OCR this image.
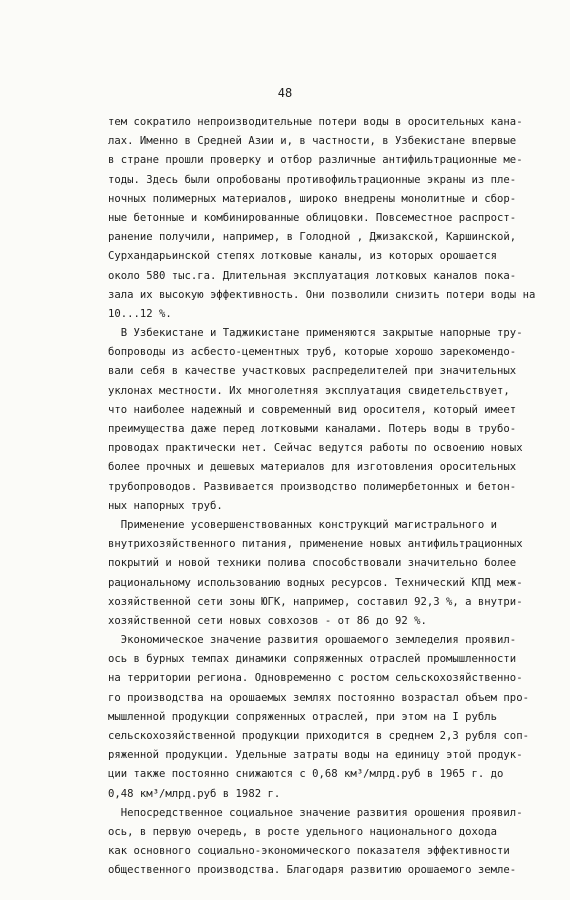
48
тем сократило непроизводительные потери воды в оросительных кана-
лах. Именно в Средней Азии и, в частности, в Узбекистане впервые
в стране прошли проверку и отбор различные антифильтрационные ме-
тоды. Здесь были опробованы противофильтрационные экраны из пле-
ночных полимерных материалов, широко внедрены монолитные и сбор-
ные бетонные и комбинированные облицовки. Повсеместное распрост-
ранение получили, например, в Голодной , Джизакской, Каршинской,
Сурхандарьинской степях лотковые каналы, из которых орошается
около 580 тыс.га. Длительная эксплуатация лотковых каналов пока-
зала их высокую эффективность. Они позволили снизить потери воды на
10...12 %.
В Узбекистане и Таджикистане применяются закрытые напорные тру-
бопроводы из асбесто-цементных труб, которые хорошо зарекомендо-
вали себя в качестве участковых распределителей при значительных
уклонах местности. Их многолетняя эксплуатация свидетельствует,
что наиболее надежный и современный вид оросителя, который имеет
преимущества даже перед лотковыми каналами. Потерь воды в трубо-
проводах практически нет. Сейчас ведутся работы по освоению новых
более прочных и дешевых материалов для изготовления оросительных
трубопроводов. Развивается производство полимербетонных и бетон-
ных напорных труб.
Применение усовершенствованных конструкций магистрального и
внутрихозяйственного питания, применение новых антифильтрационных
покрытий и новой техники полива способствовали значительно более
рациональному использованию водных ресурсов. Технический КПД меж-
хозяйственной сети зоны ЮГК, например, составил 92,3 %, а внутри-
хозяйственной сети новых совхозов - от 86 до 92 %.
Экономическое значение развития орошаемого земледелия проявил-
ось в бурных темпах динамики сопряженных отраслей промышленности
на территории региона. Одновременно с ростом сельскохозяйственно-
го производства на орошаемых землях постоянно возрастал объем про-
мышленной продукции сопряженных отраслей, при этом на I рубль
сельскохозяйственной продукции приходится в среднем 2,3 рубля соп-
ряженной продукции. Удельные затраты воды на единицу этой продук-
ции также постоянно снижаются с 0,68 км³/млрд.руб в 1965 г. до
0,48 км³/млрд.руб в 1982 г.
Непосредственное социальное значение развития орошения проявил-
ось, в первую очередь, в росте удельного национального дохода
как основного социально-экономического показателя эффективности
общественного производства. Благодаря развитию орошаемого земле-
